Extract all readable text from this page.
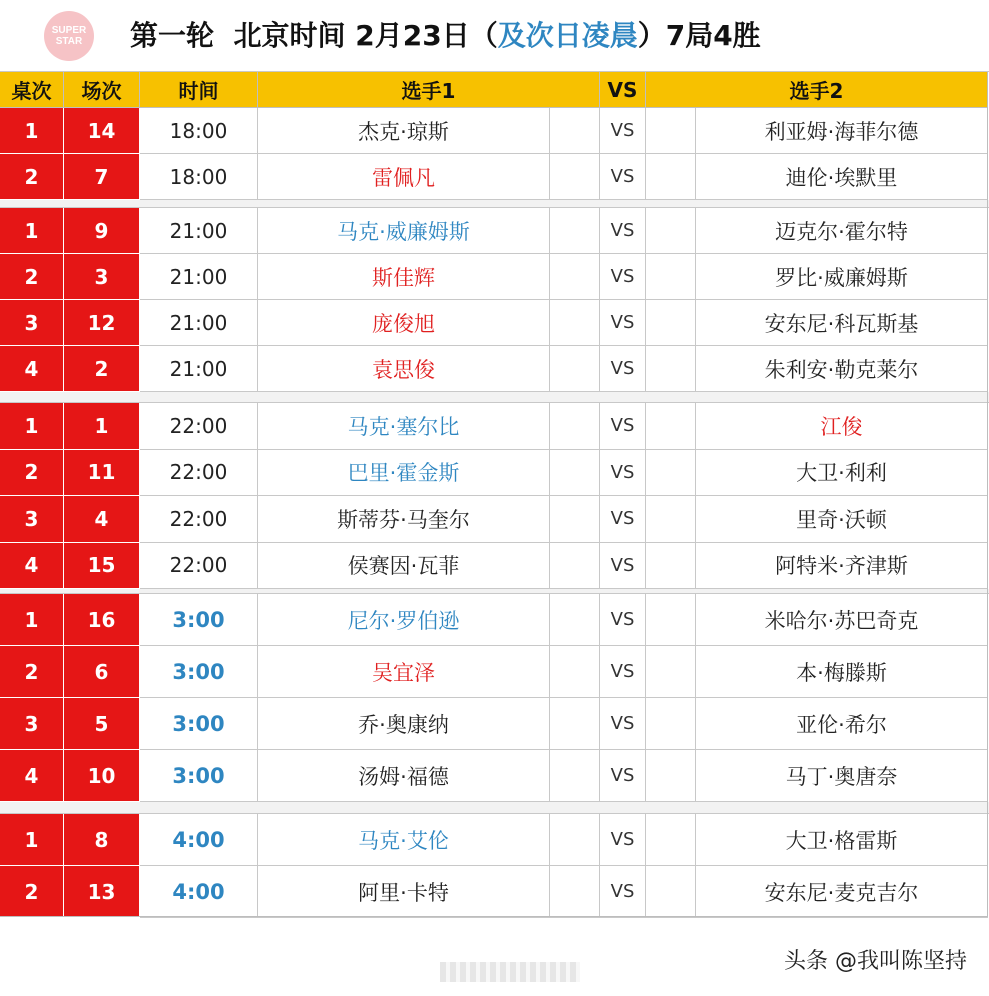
SUPER STAR	第一轮  北京时间 2月23日（及次日凌晨）7局4胜
桌次	场次	时间	选手1	VS	选手2
1	14	18:00	杰克·琼斯	VS	利亚姆·海菲尔德
2	7	18:00	雷佩凡	VS	迪伦·埃默里
1	9	21:00	马克·威廉姆斯	VS	迈克尔·霍尔特
2	3	21:00	斯佳辉	VS	罗比·威廉姆斯
3	12	21:00	庞俊旭	VS	安东尼·科瓦斯基
4	2	21:00	袁思俊	VS	朱利安·勒克莱尔
1	1	22:00	马克·塞尔比	VS	江俊
2	11	22:00	巴里·霍金斯	VS	大卫·利利
3	4	22:00	斯蒂芬·马奎尔	VS	里奇·沃顿
4	15	22:00	侯赛因·瓦菲	VS	阿特米·齐津斯
1	16	3:00	尼尔·罗伯逊	VS	米哈尔·苏巴奇克
2	6	3:00	吴宜泽	VS	本·梅滕斯
3	5	3:00	乔·奥康纳	VS	亚伦·希尔
4	10	3:00	汤姆·福德	VS	马丁·奥唐奈
1	8	4:00	马克·艾伦	VS	大卫·格雷斯
2	13	4:00	阿里·卡特	VS	安东尼·麦克吉尔
头条 @我叫陈坚持
